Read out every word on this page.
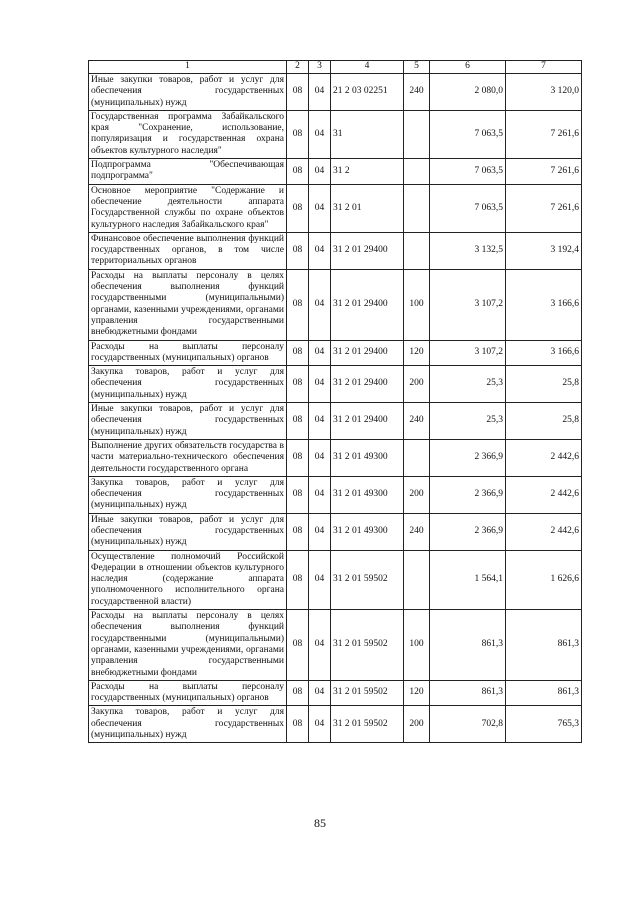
1	2	3	4	5	6	7
Иные закупки товаров, работ и услуг для обеспечения государственных (муниципальных) нужд	08	04	21 2 03 02251	240	2 080,0	3 120,0
Государственная программа Забайкальского края "Сохранение, использование, популяризация и государственная охрана объектов культурного наследия"	08	04	31		7 063,5	7 261,6
Подпрограмма "Обеспечивающая подпрограмма"	08	04	31 2		7 063,5	7 261,6
Основное мероприятие "Содержание и обеспечение деятельности аппарата Государственной службы по охране объектов культурного наследия Забайкальского края"	08	04	31 2 01		7 063,5	7 261,6
Финансовое обеспечение выполнения функций государственных органов, в том числе территориальных органов	08	04	31 2 01 29400		3 132,5	3 192,4
Расходы на выплаты персоналу в целях обеспечения выполнения функций государственными (муниципальными) органами, казенными учреждениями, органами управления государственными внебюджетными фондами	08	04	31 2 01 29400	100	3 107,2	3 166,6
Расходы на выплаты персоналу государственных (муниципальных) органов	08	04	31 2 01 29400	120	3 107,2	3 166,6
Закупка товаров, работ и услуг для обеспечения государственных (муниципальных) нужд	08	04	31 2 01 29400	200	25,3	25,8
Иные закупки товаров, работ и услуг для обеспечения государственных (муниципальных) нужд	08	04	31 2 01 29400	240	25,3	25,8
Выполнение других обязательств государства в части материально-технического обеспечения деятельности государственного органа	08	04	31 2 01 49300		2 366,9	2 442,6
Закупка товаров, работ и услуг для обеспечения государственных (муниципальных) нужд	08	04	31 2 01 49300	200	2 366,9	2 442,6
Иные закупки товаров, работ и услуг для обеспечения государственных (муниципальных) нужд	08	04	31 2 01 49300	240	2 366,9	2 442,6
Осуществление полномочий Российской Федерации в отношении объектов культурного наследия (содержание аппарата уполномоченного исполнительного органа государственной власти)	08	04	31 2 01 59502		1 564,1	1 626,6
Расходы на выплаты персоналу в целях обеспечения выполнения функций государственными (муниципальными) органами, казенными учреждениями, органами управления государственными внебюджетными фондами	08	04	31 2 01 59502	100	861,3	861,3
Расходы на выплаты персоналу государственных (муниципальных) органов	08	04	31 2 01 59502	120	861,3	861,3
Закупка товаров, работ и услуг для обеспечения государственных (муниципальных) нужд	08	04	31 2 01 59502	200	702,8	765,3
85
